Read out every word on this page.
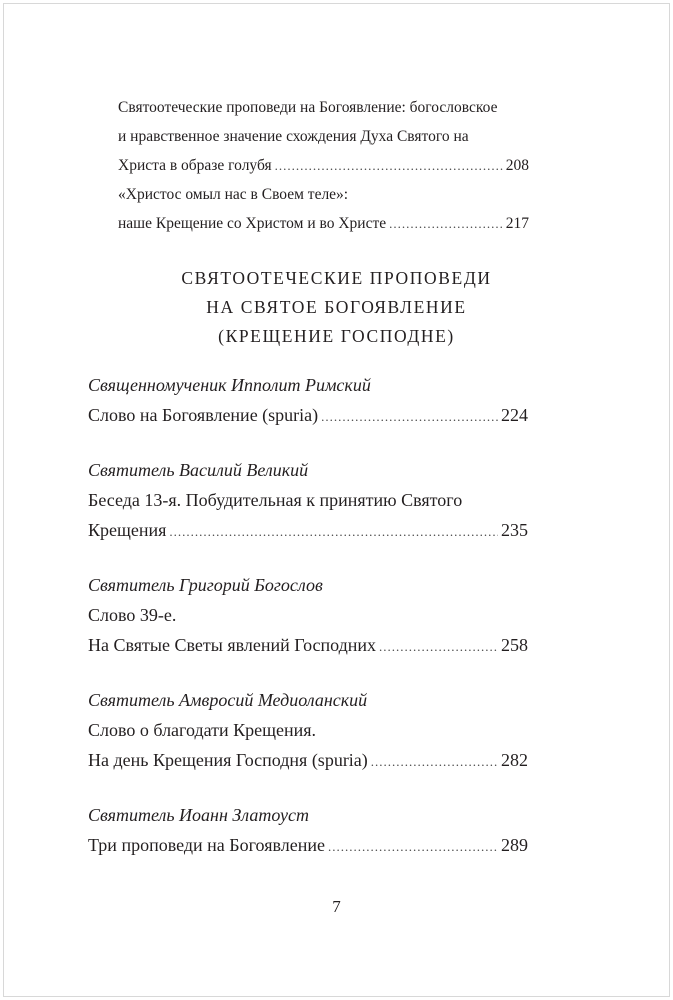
Святоотеческие проповеди на Богоявление: богословское
и нравственное значение схождения Духа Святого на
Христа в образе голубя .....	208
«Христос омыл нас в Своем теле»:
наше Крещение со Христом и во Христе .....	217
СВЯТООТЕЧЕСКИЕ ПРОПОВЕДИ
НА СВЯТОЕ БОГОЯВЛЕНИЕ
(КРЕЩЕНИЕ ГОСПОДНЕ)
Священномученик Ипполит Римский
Слово на Богоявление (spuria) .....	224
Святитель Василий Великий
Беседа 13-я. Побудительная к принятию Святого
Крещения .....	235
Святитель Григорий Богослов
Слово 39-е.
На Святые Светы явлений Господних .....	258
Святитель Амвросий Медиоланский
Слово о благодати Крещения.
На день Крещения Господня (spuria) .....	282
Святитель Иоанн Златоуст
Три проповеди на Богоявление .....	289
7
